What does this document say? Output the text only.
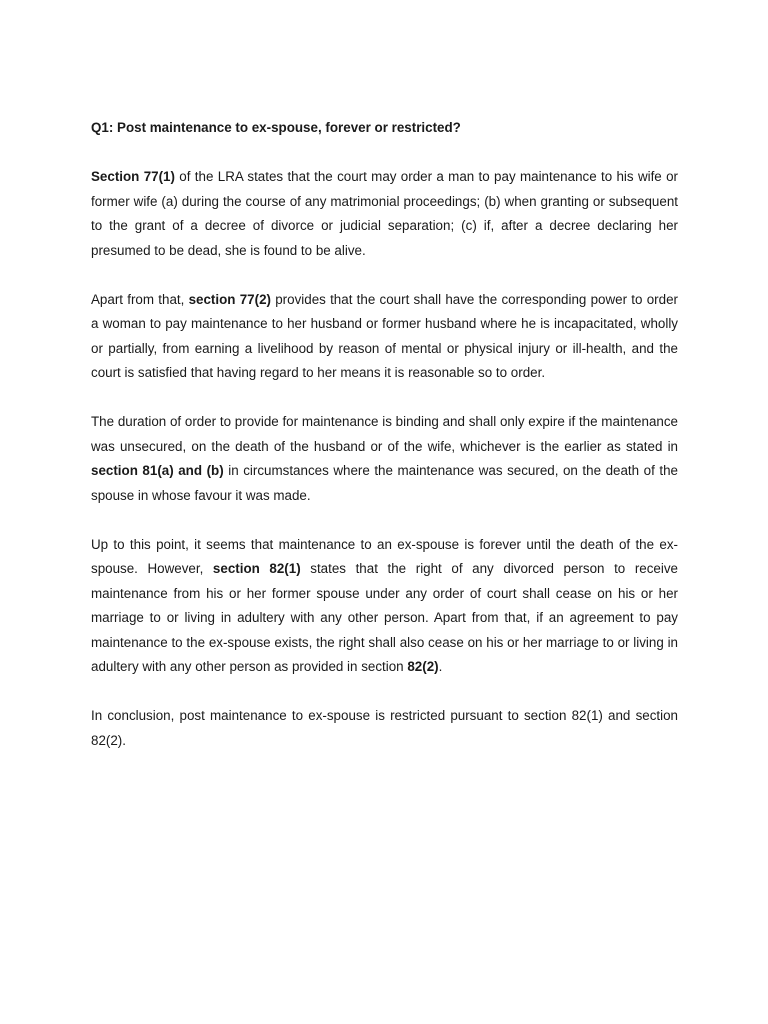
Q1: Post maintenance to ex-spouse, forever or restricted?

Section 77(1) of the LRA states that the court may order a man to pay maintenance to his wife or former wife (a) during the course of any matrimonial proceedings; (b) when granting or subsequent to the grant of a decree of divorce or judicial separation; (c) if, after a decree declaring her presumed to be dead, she is found to be alive.

Apart from that, section 77(2) provides that the court shall have the corresponding power to order a woman to pay maintenance to her husband or former husband where he is incapacitated, wholly or partially, from earning a livelihood by reason of mental or physical injury or ill-health, and the court is satisfied that having regard to her means it is reasonable so to order.

The duration of order to provide for maintenance is binding and shall only expire if the maintenance was unsecured, on the death of the husband or of the wife, whichever is the earlier as stated in section 81(a) and (b) in circumstances where the maintenance was secured, on the death of the spouse in whose favour it was made.

Up to this point, it seems that maintenance to an ex-spouse is forever until the death of the ex-spouse. However, section 82(1) states that the right of any divorced person to receive maintenance from his or her former spouse under any order of court shall cease on his or her marriage to or living in adultery with any other person. Apart from that, if an agreement to pay maintenance to the ex-spouse exists, the right shall also cease on his or her marriage to or living in adultery with any other person as provided in section 82(2).

In conclusion, post maintenance to ex-spouse is restricted pursuant to section 82(1) and section 82(2).
